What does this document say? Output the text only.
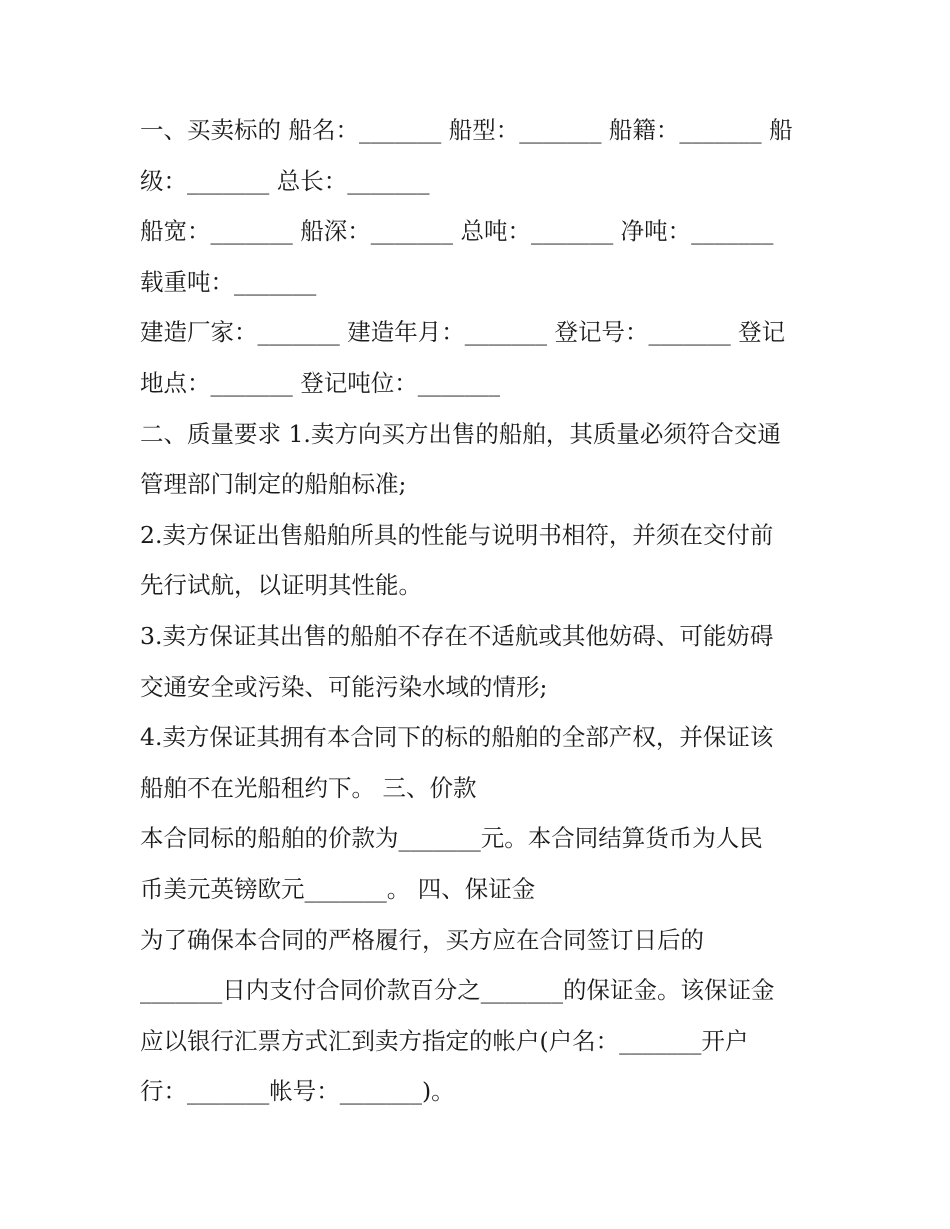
一、买卖标的 船名：_______ 船型：_______ 船籍：_______ 船
级：_______ 总长：_______
船宽：_______ 船深：_______ 总吨：_______ 净吨：_______
载重吨：_______
建造厂家：_______ 建造年月：_______ 登记号：_______ 登记
地点：_______ 登记吨位：_______
二、质量要求 1.卖方向买方出售的船舶，其质量必须符合交通
管理部门制定的船舶标准;
2.卖方保证出售船舶所具的性能与说明书相符，并须在交付前
先行试航，以证明其性能。
3.卖方保证其出售的船舶不存在不适航或其他妨碍、可能妨碍
交通安全或污染、可能污染水域的情形;
4.卖方保证其拥有本合同下的标的船舶的全部产权，并保证该
船舶不在光船租约下。 三、价款
本合同标的船舶的价款为_______元。本合同结算货币为人民
币美元英镑欧元_______。 四、保证金
为了确保本合同的严格履行，买方应在合同签订日后的
_______日内支付合同价款百分之_______的保证金。该保证金
应以银行汇票方式汇到卖方指定的帐户(户名：_______开户
行：_______帐号：_______)。
